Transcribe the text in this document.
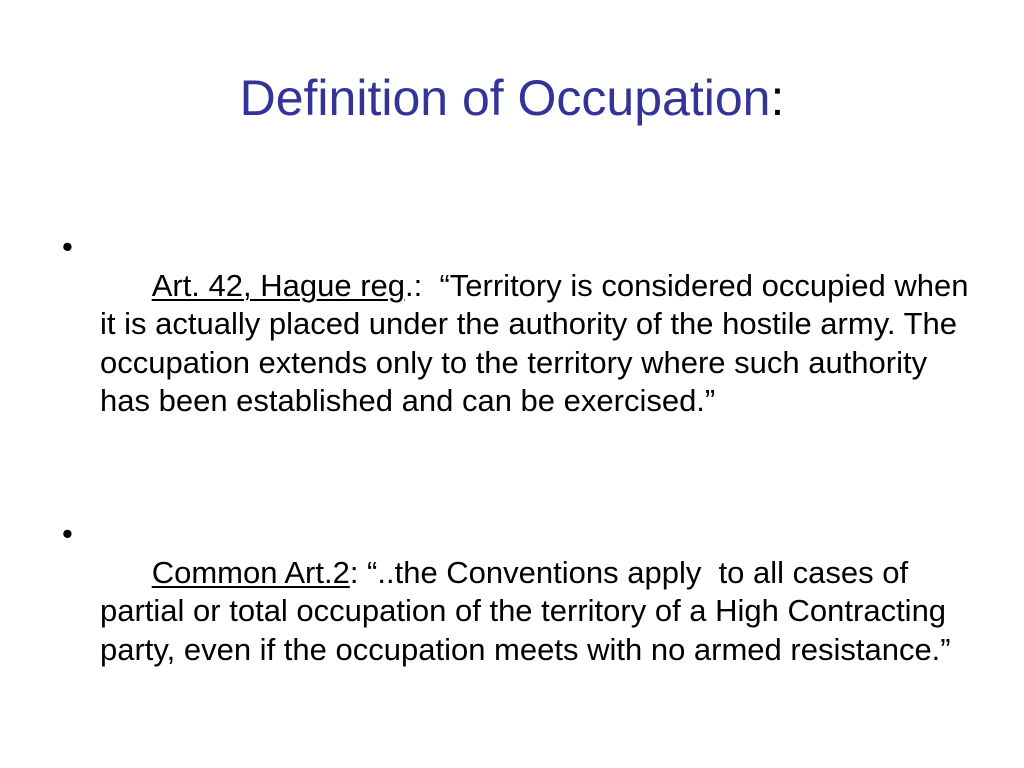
Definition of Occupation:

•
Art. 42, Hague reg.:  “Territory is considered occupied when it is actually placed under the authority of the hostile army. The occupation extends only to the territory where such authority has been established and can be exercised.”

•
Common Art.2: “..the Conventions apply  to all cases of partial or total occupation of the territory of a High Contracting party, even if the occupation meets with no armed resistance.”
